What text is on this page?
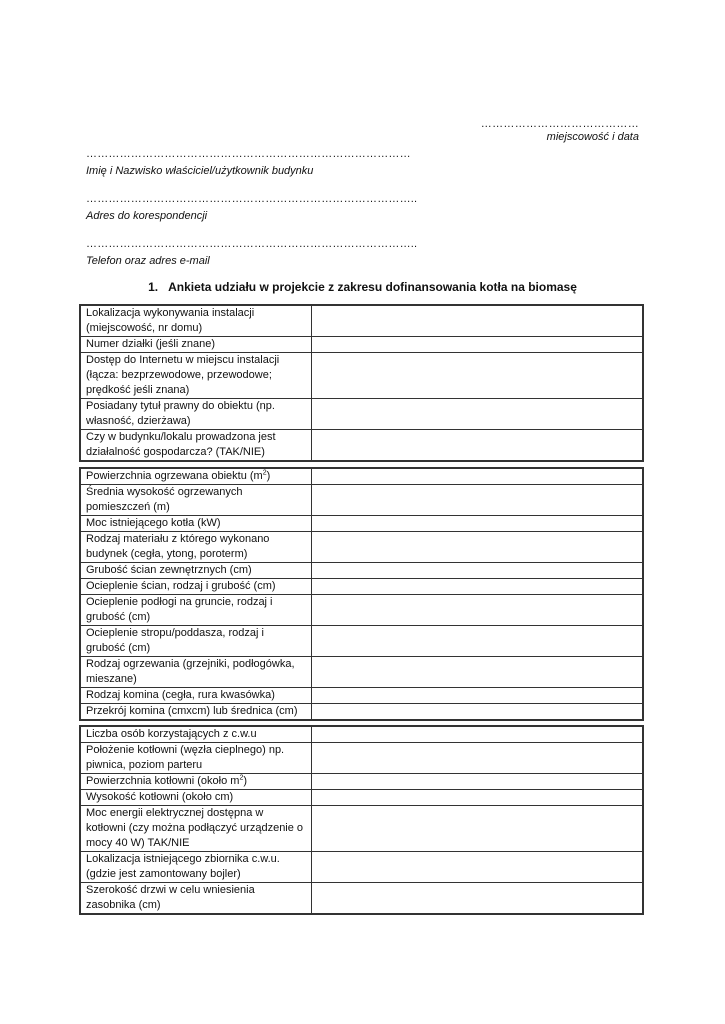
……………………………………
miejscowość i data
……………………………………………………………………………
Imię i Nazwisko właściciel/użytkownik budynku
……………………………………………………………………………..
Adres do korespondencji
……………………………………………………………………………..
Telefon oraz adres e-mail
1. Ankieta udziału w projekcie z zakresu dofinansowania kotła na biomasę
Lokalizacja wykonywania instalacji (miejscowość, nr domu)	
Numer działki (jeśli znane)	
Dostęp do Internetu w miejscu instalacji (łącza: bezprzewodowe, przewodowe; prędkość jeśli znana)	
Posiadany tytuł prawny do obiektu (np. własność, dzierżawa)	
Czy w budynku/lokalu prowadzona jest działalność gospodarcza? (TAK/NIE)	
Powierzchnia ogrzewana obiektu $(m^2)$	
Średnia wysokość ogrzewanych pomieszczeń (m)	
Moc istniejącego kotła (kW)	
Rodzaj materiału z którego wykonano budynek (cegła, ytong, poroterm)	
Grubość ścian zewnętrznych (cm)	
Ocieplenie ścian, rodzaj i grubość (cm)	
Ocieplenie podłogi na gruncie, rodzaj i grubość (cm)	
Ocieplenie stropu/poddasza, rodzaj i grubość (cm)	
Rodzaj ogrzewania (grzejniki, podłogówka, mieszane)	
Rodzaj komina (cegła, rura kwasówka)	
Przekrój komina (cmxcm) lub średnica (cm)	
Liczba osób korzystających z c.w.u	
Położenie kotłowni (węzła cieplnego) np. piwnica, poziom parteru	
Powierzchnia kotłowni (około $m^2$)	
Wysokość kotłowni (około cm)	
Moc energii elektrycznej dostępna w kotłowni (czy można podłączyć urządzenie o mocy 40 W) TAK/NIE	
Lokalizacja istniejącego zbiornika c.w.u. (gdzie jest zamontowany bojler)	
Szerokość drzwi w celu wniesienia zasobnika (cm)	
